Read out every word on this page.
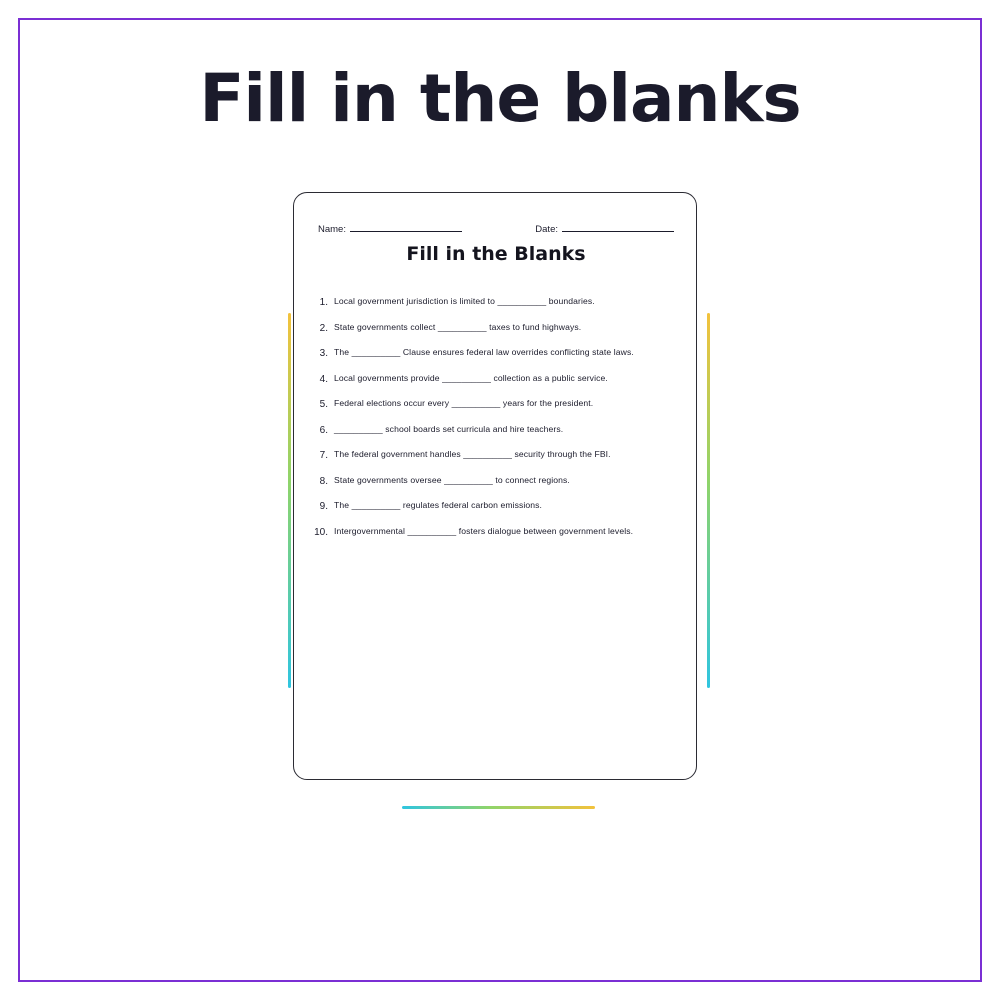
Fill in the blanks
Name:	Date:
Fill in the Blanks
1. Local government jurisdiction is limited to __________ boundaries.
2. State governments collect __________ taxes to fund highways.
3. The __________ Clause ensures federal law overrides conflicting state laws.
4. Local governments provide __________ collection as a public service.
5. Federal elections occur every __________ years for the president.
6. __________ school boards set curricula and hire teachers.
7. The federal government handles __________ security through the FBI.
8. State governments oversee __________ to connect regions.
9. The __________ regulates federal carbon emissions.
10. Intergovernmental __________ fosters dialogue between government levels.
